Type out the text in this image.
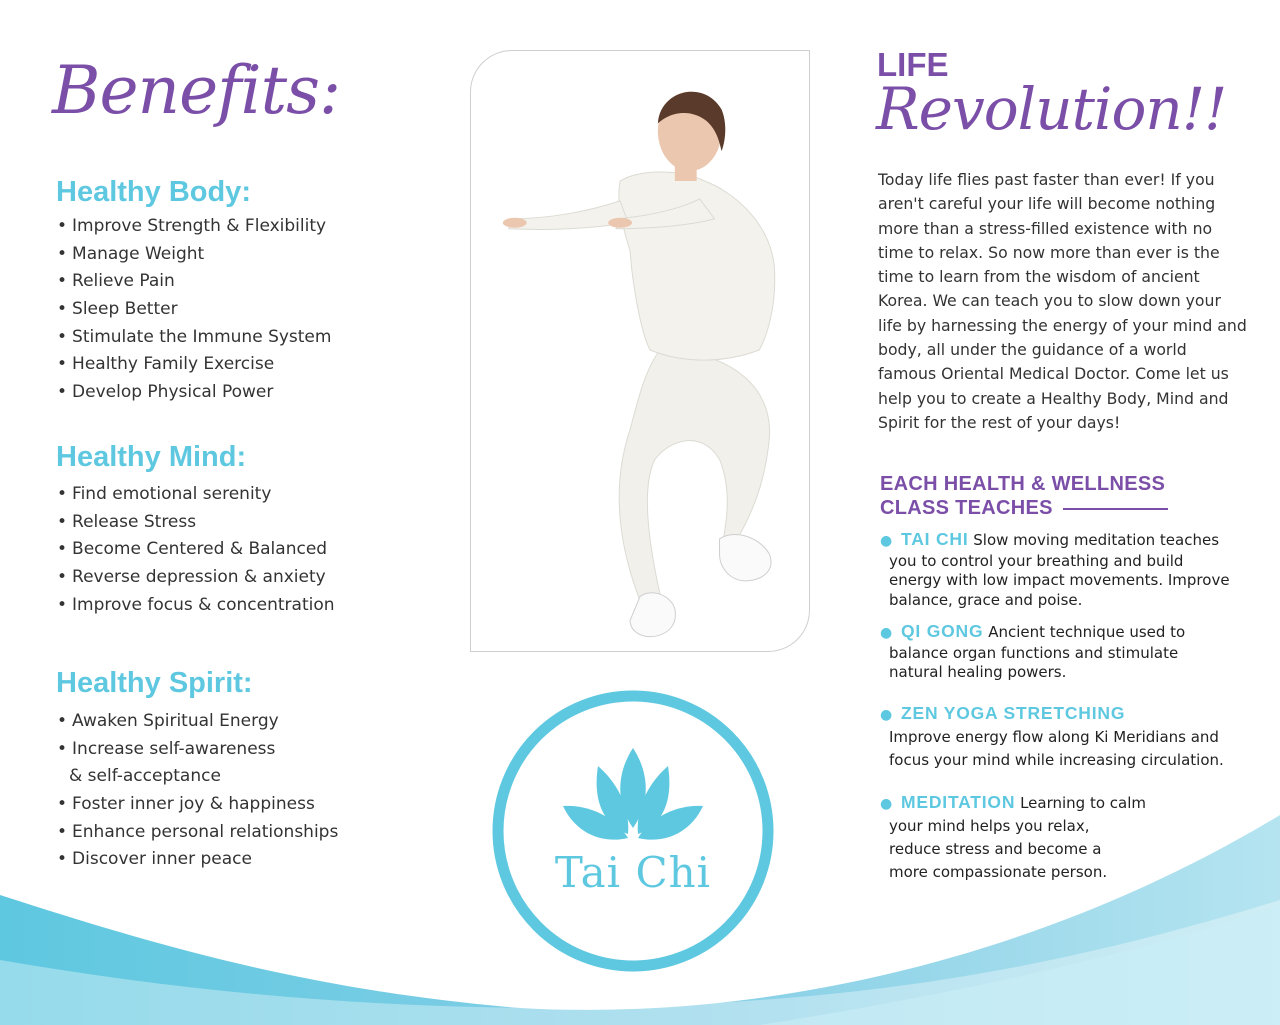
Benefits:
Healthy Body:
• Improve Strength & Flexibility
• Manage Weight
• Relieve Pain
• Sleep Better
• Stimulate the Immune System
• Healthy Family Exercise
• Develop Physical Power
Healthy Mind:
• Find emotional serenity
• Release Stress
• Become Centered & Balanced
• Reverse depression & anxiety
• Improve focus & concentration
Healthy Spirit:
• Awaken Spiritual Energy
• Increase self-awareness
& self-acceptance
• Foster inner joy & happiness
• Enhance personal relationships
• Discover inner peace	Tai Chi
LIFE
Revolution!!

Today life flies past faster than ever! If you aren't careful your life will become nothing more than a stress-filled existence with no time to relax. So now more than ever is the time to learn from the wisdom of ancient Korea. We can teach you to slow down your life by harnessing the energy of your mind and body, all under the guidance of a world famous Oriental Medical Doctor. Come let us help you to create a Healthy Body, Mind and Spirit for the rest of your days!

EACH HEALTH & WELLNESS
CLASS TEACHES
● TAI CHI Slow moving meditation teaches
you to control your breathing and build
energy with low impact movements. Improve
balance, grace and poise.
● QI GONG Ancient technique used to
balance organ functions and stimulate
natural healing powers.
● ZEN YOGA STRETCHING
Improve energy flow along Ki Meridians and
focus your mind while increasing circulation.
● MEDITATION Learning to calm
your mind helps you relax,
reduce stress and become a
more compassionate person.
